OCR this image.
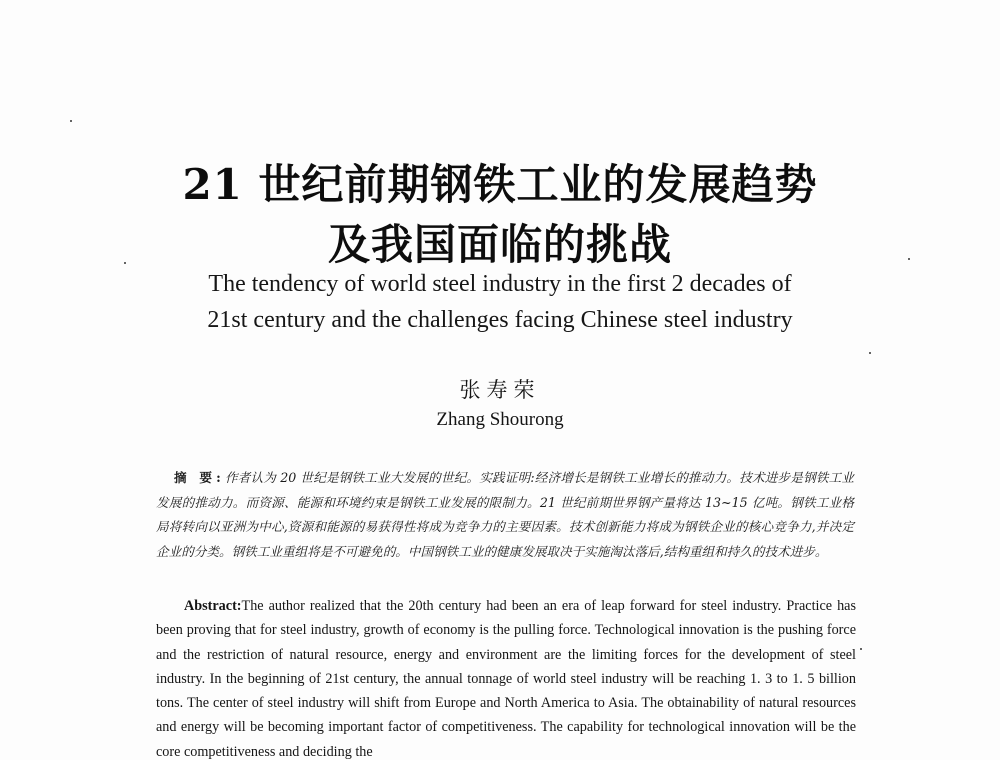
21 世纪前期钢铁工业的发展趋势
及我国面临的挑战
The tendency of world steel industry in the first 2 decades of
21st century and the challenges facing Chinese steel industry
张寿荣
Zhang Shourong
摘 要:作者认为 20 世纪是钢铁工业大发展的世纪。实践证明:经济增长是钢铁工业增长的推动力。技术进步是钢铁工业发展的推动力。而资源、能源和环境约束是钢铁工业发展的限制力。21 世纪前期世界钢产量将达 13~15 亿吨。钢铁工业格局将转向以亚洲为中心,资源和能源的易获得性将成为竞争力的主要因素。技术创新能力将成为钢铁企业的核心竞争力,并决定企业的分类。钢铁工业重组将是不可避免的。中国钢铁工业的健康发展取决于实施淘汰落后,结构重组和持久的技术进步。
Abstract:The author realized that the 20th century had been an era of leap forward for steel industry. Practice has been proving that for steel industry, growth of economy is the pulling force. Technological innovation is the pushing force and the restriction of natural resource, energy and environment are the limiting forces for the development of steel industry. In the beginning of 21st century, the annual tonnage of world steel industry will be reaching 1. 3 to 1. 5 billion tons. The center of steel industry will shift from Europe and North America to Asia. The obtainability of natural resources and energy will be becoming important factor of competitiveness. The capability for technological innovation will be the core competitiveness and deciding the
